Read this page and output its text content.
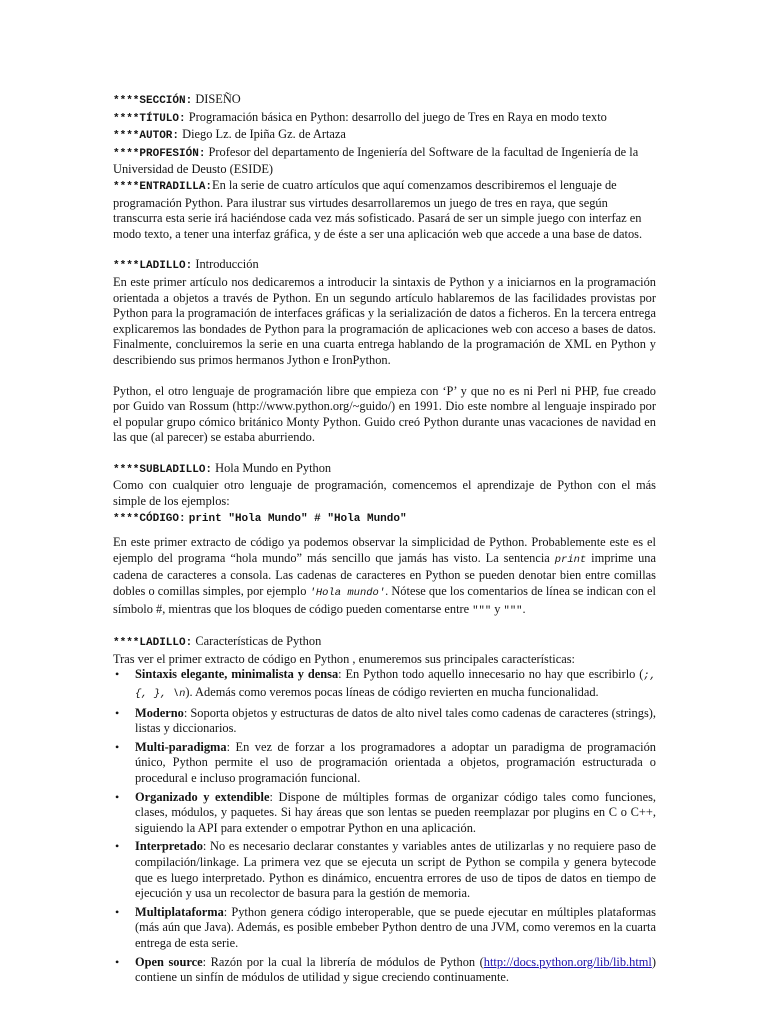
****SECCIÓN: DISEÑO

****TÍTULO: Programación básica en Python: desarrollo del juego de Tres en Raya en modo texto

****AUTOR: Diego Lz. de Ipiña Gz. de Artaza

****PROFESIÓN: Profesor del departamento de Ingeniería del Software de la facultad de Ingeniería de la Universidad de Deusto (ESIDE)

****ENTRADILLA:En la serie de cuatro artículos que aquí comenzamos describiremos el lenguaje de programación Python. Para ilustrar sus virtudes desarrollaremos un juego de tres en raya, que según transcurra esta serie irá haciéndose cada vez más sofisticado. Pasará de ser un simple juego con interfaz en modo texto, a tener una interfaz gráfica, y de éste a ser una aplicación web que accede a una base de datos.

****LADILLO: Introducción

En este primer artículo nos dedicaremos a introducir la sintaxis de Python y a iniciarnos en la programación orientada a objetos a través de Python. En un segundo artículo hablaremos de las facilidades provistas por Python para la programación de interfaces gráficas y la serialización de datos a ficheros. En la tercera entrega explicaremos las bondades de Python para la programación de aplicaciones web con acceso a bases de datos. Finalmente, concluiremos la serie en una cuarta entrega hablando de la programación de XML en Python y describiendo sus primos hermanos Jython e IronPython.

Python, el otro lenguaje de programación libre que empieza con ‘P’ y que no es ni Perl ni PHP, fue creado por Guido van Rossum (http://www.python.org/~guido/) en 1991. Dio este nombre al lenguaje inspirado por el popular grupo cómico británico Monty Python. Guido creó Python durante unas vacaciones de navidad en las que (al parecer) se estaba aburriendo.

****SUBLADILLO: Hola Mundo en Python

Como con cualquier otro lenguaje de programación, comencemos el aprendizaje de Python con el más simple de los ejemplos:

****CÓDIGO: print "Hola Mundo" # "Hola Mundo"

En este primer extracto de código ya podemos observar la simplicidad de Python. Probablemente este es el ejemplo del programa “hola mundo” más sencillo que jamás has visto. La sentencia print imprime una cadena de caracteres a consola. Las cadenas de caracteres en Python se pueden denotar bien entre comillas dobles o comillas simples, por ejemplo 'Hola mundo'. Nótese que los comentarios de línea se indican con el símbolo #, mientras que los bloques de código pueden comentarse entre """ y """.

****LADILLO: Características de Python

Tras ver el primer extracto de código en Python , enumeremos sus principales características:

• Sintaxis elegante, minimalista y densa: En Python todo aquello innecesario no hay que escribirlo (;, {, }, \n). Además como veremos pocas líneas de código revierten en mucha funcionalidad.
• Moderno: Soporta objetos y estructuras de datos de alto nivel tales como cadenas de caracteres (strings), listas y diccionarios.
• Multi-paradigma: En vez de forzar a los programadores a adoptar un paradigma de programación único, Python permite el uso de programación orientada a objetos, programación estructurada o procedural e incluso programación funcional.
• Organizado y extendible: Dispone de múltiples formas de organizar código tales como funciones, clases, módulos, y paquetes. Si hay áreas que son lentas se pueden reemplazar por plugins en C o C++, siguiendo la API para extender o empotrar Python en una aplicación.
• Interpretado: No es necesario declarar constantes y variables antes de utilizarlas y no requiere paso de compilación/linkage. La primera vez que se ejecuta un script de Python se compila y genera bytecode que es luego interpretado. Python es dinámico, encuentra errores de uso de tipos de datos en tiempo de ejecución y usa un recolector de basura para la gestión de memoria.
• Multiplataforma: Python genera código interoperable, que se puede ejecutar en múltiples plataformas (más aún que Java). Además, es posible embeber Python dentro de una JVM, como veremos en la cuarta entrega de esta serie.
• Open source: Razón por la cual la librería de módulos de Python (http://docs.python.org/lib/lib.html) contiene un sinfín de módulos de utilidad y sigue creciendo continuamente.
